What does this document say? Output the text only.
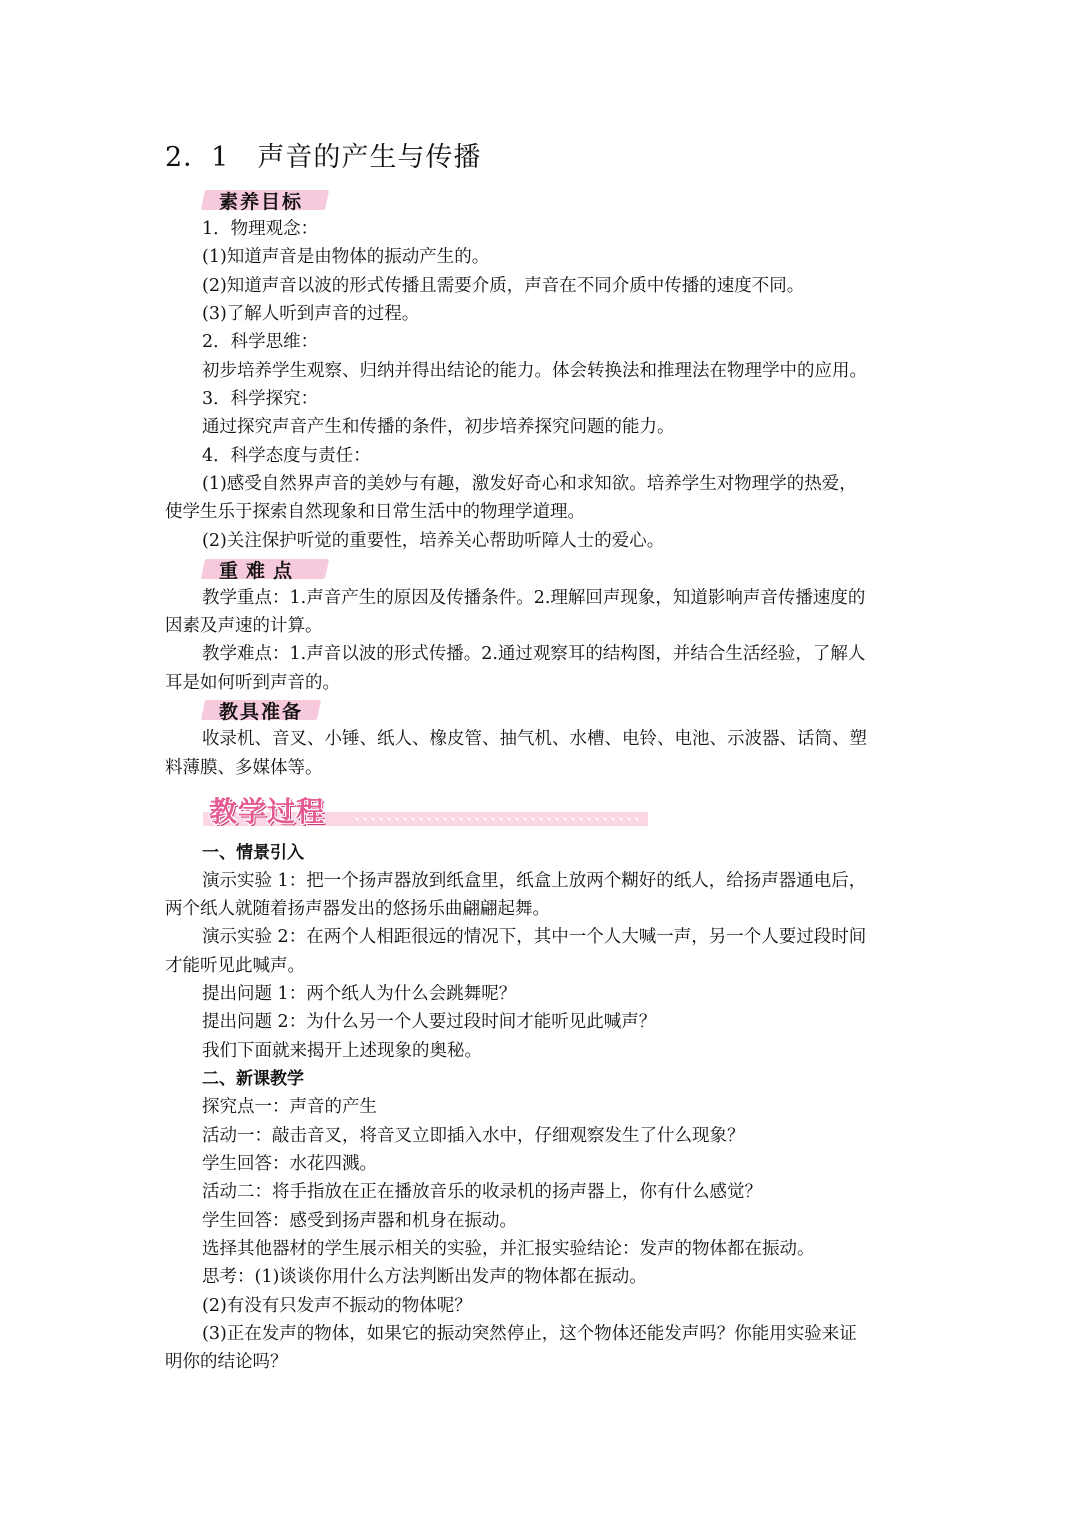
2．1 声音的产生与传播
素养目标
1．物理观念：
(1)知道声音是由物体的振动产生的。
(2)知道声音以波的形式传播且需要介质，声音在不同介质中传播的速度不同。
(3)了解人听到声音的过程。
2．科学思维：
初步培养学生观察、归纳并得出结论的能力。体会转换法和推理法在物理学中的应用。
3．科学探究：
通过探究声音产生和传播的条件，初步培养探究问题的能力。
4．科学态度与责任：
(1)感受自然界声音的美妙与有趣，激发好奇心和求知欲。培养学生对物理学的热爱，
使学生乐于探索自然现象和日常生活中的物理学道理。
(2)关注保护听觉的重要性，培养关心帮助听障人士的爱心。
重难点
教学重点：1.声音产生的原因及传播条件。2.理解回声现象，知道影响声音传播速度的
因素及声速的计算。
教学难点：1.声音以波的形式传播。2.通过观察耳的结构图，并结合生活经验，了解人
耳是如何听到声音的。
教具准备
收录机、音叉、小锤、纸人、橡皮管、抽气机、水槽、电铃、电池、示波器、话筒、塑
料薄膜、多媒体等。
教学过程
一、情景引入
演示实验 1：把一个扬声器放到纸盒里，纸盒上放两个糊好的纸人，给扬声器通电后，
两个纸人就随着扬声器发出的悠扬乐曲翩翩起舞。
演示实验 2：在两个人相距很远的情况下，其中一个人大喊一声，另一个人要过段时间
才能听见此喊声。
提出问题 1：两个纸人为什么会跳舞呢？
提出问题 2：为什么另一个人要过段时间才能听见此喊声？
我们下面就来揭开上述现象的奥秘。
二、新课教学
探究点一：声音的产生
活动一：敲击音叉，将音叉立即插入水中，仔细观察发生了什么现象？
学生回答：水花四溅。
活动二：将手指放在正在播放音乐的收录机的扬声器上，你有什么感觉？
学生回答：感受到扬声器和机身在振动。
选择其他器材的学生展示相关的实验，并汇报实验结论：发声的物体都在振动。
思考：(1)谈谈你用什么方法判断出发声的物体都在振动。
(2)有没有只发声不振动的物体呢？
(3)正在发声的物体，如果它的振动突然停止，这个物体还能发声吗？你能用实验来证
明你的结论吗？
